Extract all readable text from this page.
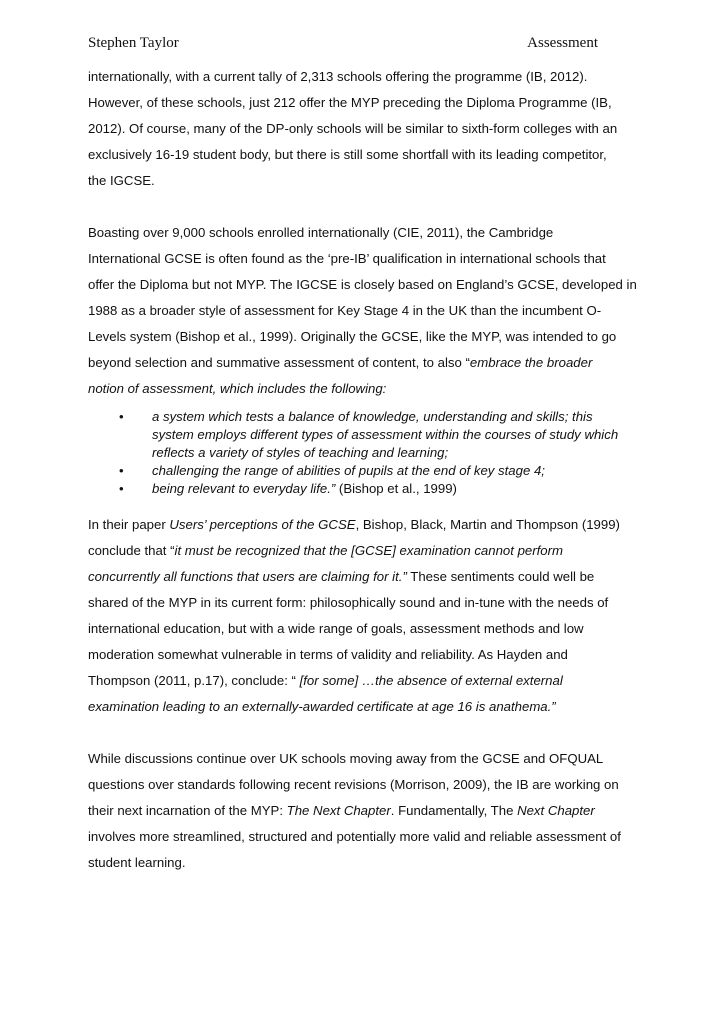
Stephen Taylor	Assessment
internationally, with a current tally of 2,313 schools offering the programme (IB, 2012).
However, of these schools, just 212 offer the MYP preceding the Diploma Programme (IB,
2012). Of course, many of the DP-only schools will be similar to sixth-form colleges with an
exclusively 16-19 student body, but there is still some shortfall with its leading competitor,
the IGCSE.
Boasting over 9,000 schools enrolled internationally (CIE, 2011), the Cambridge
International GCSE is often found as the ‘pre-IB’ qualification in international schools that
offer the Diploma but not MYP. The IGCSE is closely based on England’s GCSE, developed in
1988 as a broader style of assessment for Key Stage 4 in the UK than the incumbent O-
Levels system (Bishop et al., 1999). Originally the GCSE, like the MYP, was intended to go
beyond selection and summative assessment of content, to also “embrace the broader
notion of assessment, which includes the following:
• a system which tests a balance of knowledge, understanding and skills; this
system employs different types of assessment within the courses of study which
reflects a variety of styles of teaching and learning;
• challenging the range of abilities of pupils at the end of key stage 4;
• being relevant to everyday life.” (Bishop et al., 1999)
In their paper Users’ perceptions of the GCSE, Bishop, Black, Martin and Thompson (1999)
conclude that “it must be recognized that the [GCSE] examination cannot perform
concurrently all functions that users are claiming for it.” These sentiments could well be
shared of the MYP in its current form: philosophically sound and in-tune with the needs of
international education, but with a wide range of goals, assessment methods and low
moderation somewhat vulnerable in terms of validity and reliability. As Hayden and
Thompson (2011, p.17), conclude: “ [for some] …the absence of external external
examination leading to an externally-awarded certificate at age 16 is anathema.”
While discussions continue over UK schools moving away from the GCSE and OFQUAL
questions over standards following recent revisions (Morrison, 2009), the IB are working on
their next incarnation of the MYP: The Next Chapter. Fundamentally, The Next Chapter
involves more streamlined, structured and potentially more valid and reliable assessment of
student learning.
